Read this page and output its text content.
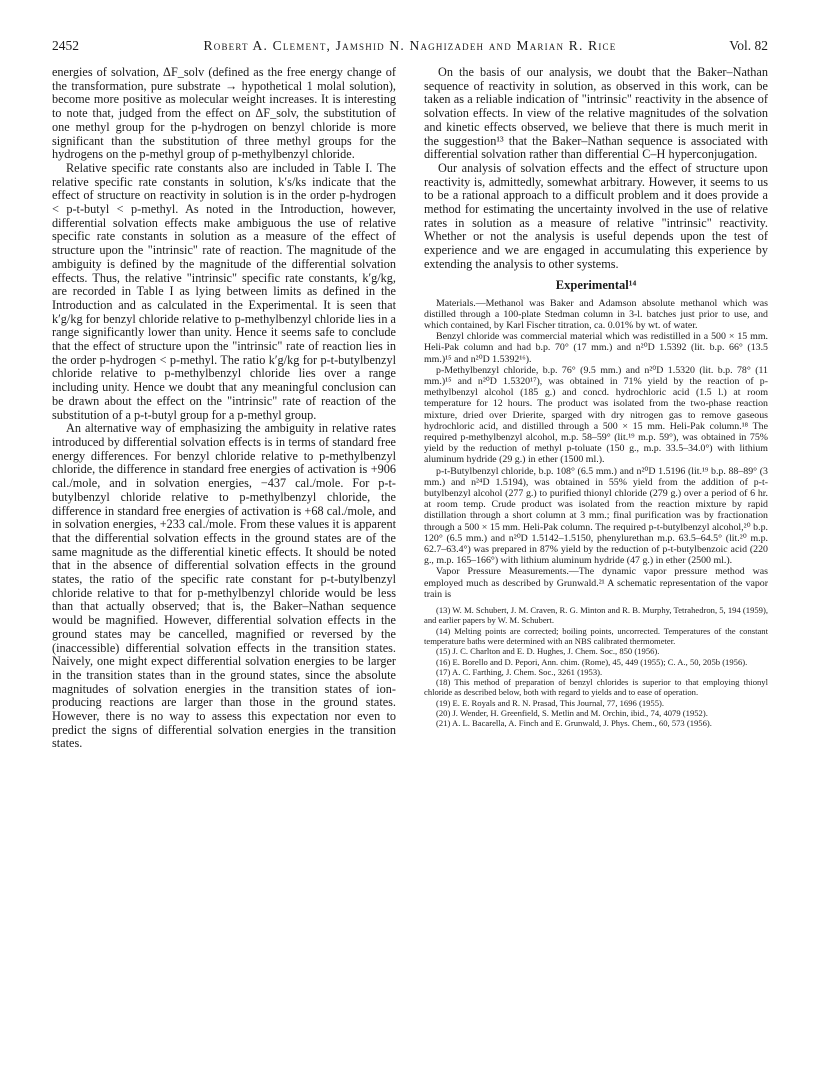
2452	Robert A. Clement, Jamshid N. Naghizadeh and Marian R. Rice	Vol. 82

energies of solvation, ΔF_solv (defined as the free energy change of the transformation, pure substrate → hypothetical 1 molal solution), become more positive as molecular weight increases. It is interesting to note that, judged from the effect on ΔF_solv, the substitution of one methyl group for the p-hydrogen on benzyl chloride is more significant than the substitution of three methyl groups for the hydrogens on the p-methyl group of p-methylbenzyl chloride.

Relative specific rate constants also are included in Table I. The relative specific rate constants in solution, k′s/ks indicate that the effect of structure on reactivity in solution is in the order p-hydrogen < p-t-butyl < p-methyl. As noted in the Introduction, however, differential solvation effects make ambiguous the use of relative specific rate constants in solution as a measure of the effect of structure upon the "intrinsic" rate of reaction. The magnitude of the ambiguity is defined by the magnitude of the differential solvation effects. Thus, the relative "intrinsic" specific rate constants, k′g/kg, are recorded in Table I as lying between limits as defined in the Introduction and as calculated in the Experimental. It is seen that k′g/kg for benzyl chloride relative to p-methylbenzyl chloride lies in a range significantly lower than unity. Hence it seems safe to conclude that the effect of structure upon the "intrinsic" rate of reaction lies in the order p-hydrogen < p-methyl. The ratio k′g/kg for p-t-butylbenzyl chloride relative to p-methylbenzyl chloride lies over a range including unity. Hence we doubt that any meaningful conclusion can be drawn about the effect on the "intrinsic" rate of reaction of the substitution of a p-t-butyl group for a p-methyl group.

An alternative way of emphasizing the ambiguity in relative rates introduced by differential solvation effects is in terms of standard free energy differences. For benzyl chloride relative to p-methylbenzyl chloride, the difference in standard free energies of activation is +906 cal./mole, and in solvation energies, −437 cal./mole. For p-t-butylbenzyl chloride relative to p-methylbenzyl chloride, the difference in standard free energies of activation is +68 cal./mole, and in solvation energies, +233 cal./mole. From these values it is apparent that the differential solvation effects in the ground states are of the same magnitude as the differential kinetic effects. It should be noted that in the absence of differential solvation effects in the ground states, the ratio of the specific rate constant for p-t-butylbenzyl chloride relative to that for p-methylbenzyl chloride would be less than that actually observed; that is, the Baker–Nathan sequence would be magnified. However, differential solvation effects in the ground states may be cancelled, magnified or reversed by the (inaccessible) differential solvation effects in the transition states. Naively, one might expect differential solvation energies to be larger in the transition states than in the ground states, since the absolute magnitudes of solvation energies in the transition states of ion-producing reactions are larger than those in the ground states. However, there is no way to assess this expectation nor even to predict the signs of differential solvation energies in the transition states.

On the basis of our analysis, we doubt that the Baker–Nathan sequence of reactivity in solution, as observed in this work, can be taken as a reliable indication of "intrinsic" reactivity in the absence of solvation effects. In view of the relative magnitudes of the solvation and kinetic effects observed, we believe that there is much merit in the suggestion¹³ that the Baker–Nathan sequence is associated with differential solvation rather than differential C–H hyperconjugation.

Our analysis of solvation effects and the effect of structure upon reactivity is, admittedly, somewhat arbitrary. However, it seems to us to be a rational approach to a difficult problem and it does provide a method for estimating the uncertainty involved in the use of relative rates in solution as a measure of relative "intrinsic" reactivity. Whether or not the analysis is useful depends upon the test of experience and we are engaged in accumulating this experience by extending the analysis to other systems.

Experimental¹⁴

Materials.—Methanol was Baker and Adamson absolute methanol which was distilled through a 100-plate Stedman column in 3-l. batches just prior to use, and which contained, by Karl Fischer titration, ca. 0.01% by wt. of water.

Benzyl chloride was commercial material which was redistilled in a 500 × 15 mm. Heli-Pak column and had b.p. 70° (17 mm.) and n²⁰D 1.5392 (lit. b.p. 66° (13.5 mm.)¹⁵ and n²⁰D 1.5392¹⁶).

p-Methylbenzyl chloride, b.p. 76° (9.5 mm.) and n²⁰D 1.5320 (lit. b.p. 78° (11 mm.)¹⁵ and n²⁰D 1.5320¹⁷), was obtained in 71% yield by the reaction of p-methylbenzyl alcohol (185 g.) and concd. hydrochloric acid (1.5 l.) at room temperature for 12 hours. The product was isolated from the two-phase reaction mixture, dried over Drierite, sparged with dry nitrogen gas to remove gaseous hydrochloric acid, and distilled through a 500 × 15 mm. Heli-Pak column.¹⁸ The required p-methylbenzyl alcohol, m.p. 58–59° (lit.¹⁹ m.p. 59°), was obtained in 75% yield by the reduction of methyl p-toluate (150 g., m.p. 33.5–34.0°) with lithium aluminum hydride (29 g.) in ether (1500 ml.).

p-t-Butylbenzyl chloride, b.p. 108° (6.5 mm.) and n²⁰D 1.5196 (lit.¹⁹ b.p. 88–89° (3 mm.) and n²⁴D 1.5194), was obtained in 55% yield from the addition of p-t-butylbenzyl alcohol (277 g.) to purified thionyl chloride (279 g.) over a period of 6 hr. at room temp. Crude product was isolated from the reaction mixture by rapid distillation through a short column at 3 mm.; final purification was by fractionation through a 500 × 15 mm. Heli-Pak column. The required p-t-butylbenzyl alcohol,²⁰ b.p. 120° (6.5 mm.) and n²⁰D 1.5142–1.5150, phenylurethan m.p. 63.5–64.5° (lit.²⁰ m.p. 62.7–63.4°) was prepared in 87% yield by the reduction of p-t-butylbenzoic acid (220 g., m.p. 165–166°) with lithium aluminum hydride (47 g.) in ether (2500 ml.).

Vapor Pressure Measurements.—The dynamic vapor pressure method was employed much as described by Grunwald.²¹ A schematic representation of the vapor train is

(13) W. M. Schubert, J. M. Craven, R. G. Minton and R. B. Murphy, Tetrahedron, 5, 194 (1959), and earlier papers by W. M. Schubert.

(14) Melting points are corrected; boiling points, uncorrected. Temperatures of the constant temperature baths were determined with an NBS calibrated thermometer.

(15) J. C. Charlton and E. D. Hughes, J. Chem. Soc., 850 (1956).

(16) E. Borello and D. Pepori, Ann. chim. (Rome), 45, 449 (1955); C. A., 50, 205b (1956).

(17) A. C. Farthing, J. Chem. Soc., 3261 (1953).

(18) This method of preparation of benzyl chlorides is superior to that employing thionyl chloride as described below, both with regard to yields and to ease of operation.

(19) E. E. Royals and R. N. Prasad, This Journal, 77, 1696 (1955).

(20) J. Wender, H. Greenfield, S. Metlin and M. Orchin, ibid., 74, 4079 (1952).

(21) A. L. Bacarella, A. Finch and E. Grunwald, J. Phys. Chem., 60, 573 (1956).
